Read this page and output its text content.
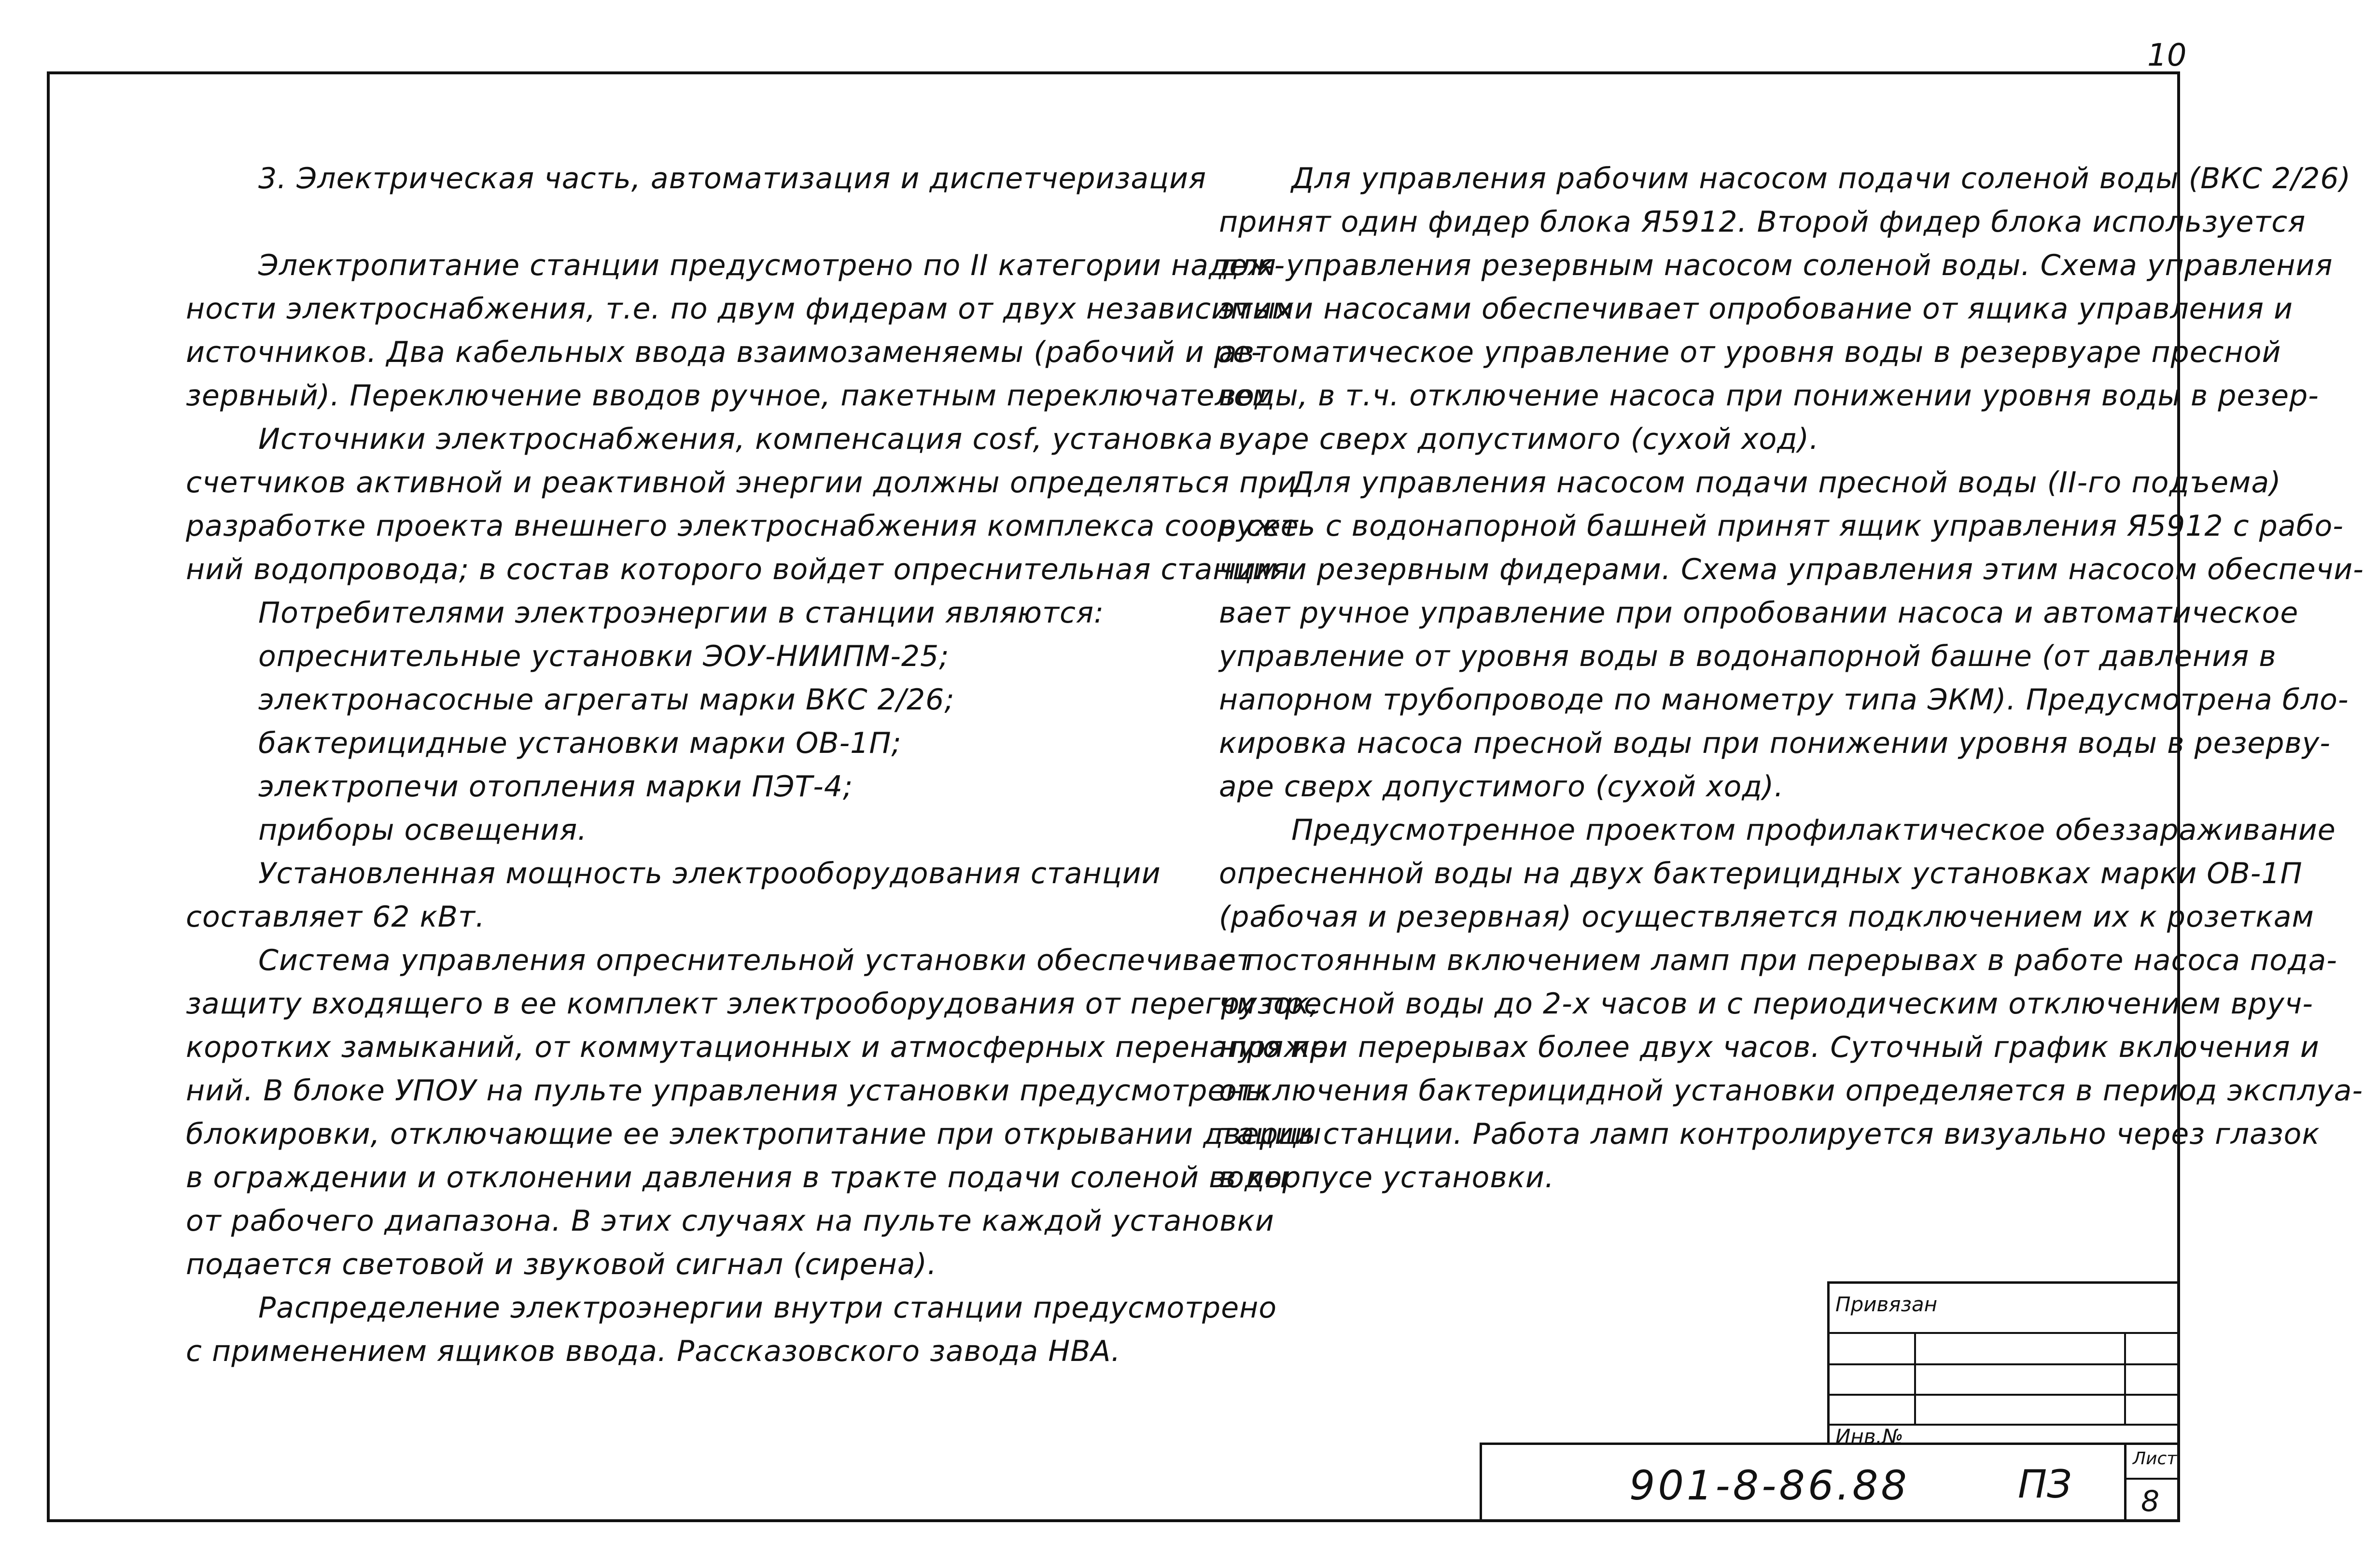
10

3. Электрическая часть, автоматизация и диспетчеризация

Электропитание станции предусмотрено по II категории надеж-

ности электроснабжения, т.е. по двум фидерам от двух независимых

источников. Два кабельных ввода взаимозаменяемы (рабочий и ре-

зервный). Переключение вводов ручное, пакетным переключателем.

Источники электроснабжения, компенсация cosf, установка

счетчиков активной и реактивной энергии должны определяться при

разработке проекта внешнего электроснабжения комплекса сооруже-

ний водопровода; в состав которого войдет опреснительная станция.

Потребителями электроэнергии в станции являются:

опреснительные установки ЭОУ-НИИПМ-25;

электронасосные агрегаты марки ВКС 2/26;

бактерицидные установки марки ОВ-1П;

электропечи отопления марки ПЭТ-4;

приборы освещения.

Установленная мощность электрооборудования станции

составляет 62 кВт.

Система управления опреснительной установки обеспечивает

защиту входящего в ее комплект электрооборудования от перегрузок,

коротких замыканий, от коммутационных и атмосферных перенапряже-

ний. В блоке УПОУ на пульте управления установки предусмотрены

блокировки, отключающие ее электропитание при открывании дверцы

в ограждении и отклонении давления в тракте подачи соленой воды

от рабочего диапазона. В этих случаях на пульте каждой установки

подается световой и звуковой сигнал (сирена).

Распределение электроэнергии внутри станции предусмотрено

с применением ящиков ввода. Рассказовского завода НВА.

Для управления рабочим насосом подачи соленой воды (ВКС 2/26)

принят один фидер блока Я5912. Второй фидер блока используется

для управления резервным насосом соленой воды. Схема управления

этими насосами обеспечивает опробование от ящика управления и

автоматическое управление от уровня воды в резервуаре пресной

воды, в т.ч. отключение насоса при понижении уровня воды в резер-

вуаре сверх допустимого (сухой ход).

Для управления насосом подачи пресной воды (II-го подъема)

в сеть с водонапорной башней принят ящик управления Я5912 с рабо-

чим и резервным фидерами. Схема управления этим насосом обеспечи-

вает ручное управление при опробовании насоса и автоматическое

управление от уровня воды в водонапорной башне (от давления в

напорном трубопроводе по манометру типа ЭКМ). Предусмотрена бло-

кировка насоса пресной воды при понижении уровня воды в резерву-

аре сверх допустимого (сухой ход).

Предусмотренное проектом профилактическое обеззараживание

опресненной воды на двух бактерицидных установках марки ОВ-1П

(рабочая и резервная) осуществляется подключением их к розеткам

с постоянным включением ламп при перерывах в работе насоса пода-

чи пресной воды до 2-х часов и с периодическим отключением вруч-

ную при перерывах более двух часов. Суточный график включения и

отключения бактерицидной установки определяется в период эксплуа-

тации станции. Работа ламп контролируется визуально через глазок

в корпусе установки.

Привязан
Инв.№
901-8-86.88	ПЗ
Лист
8
